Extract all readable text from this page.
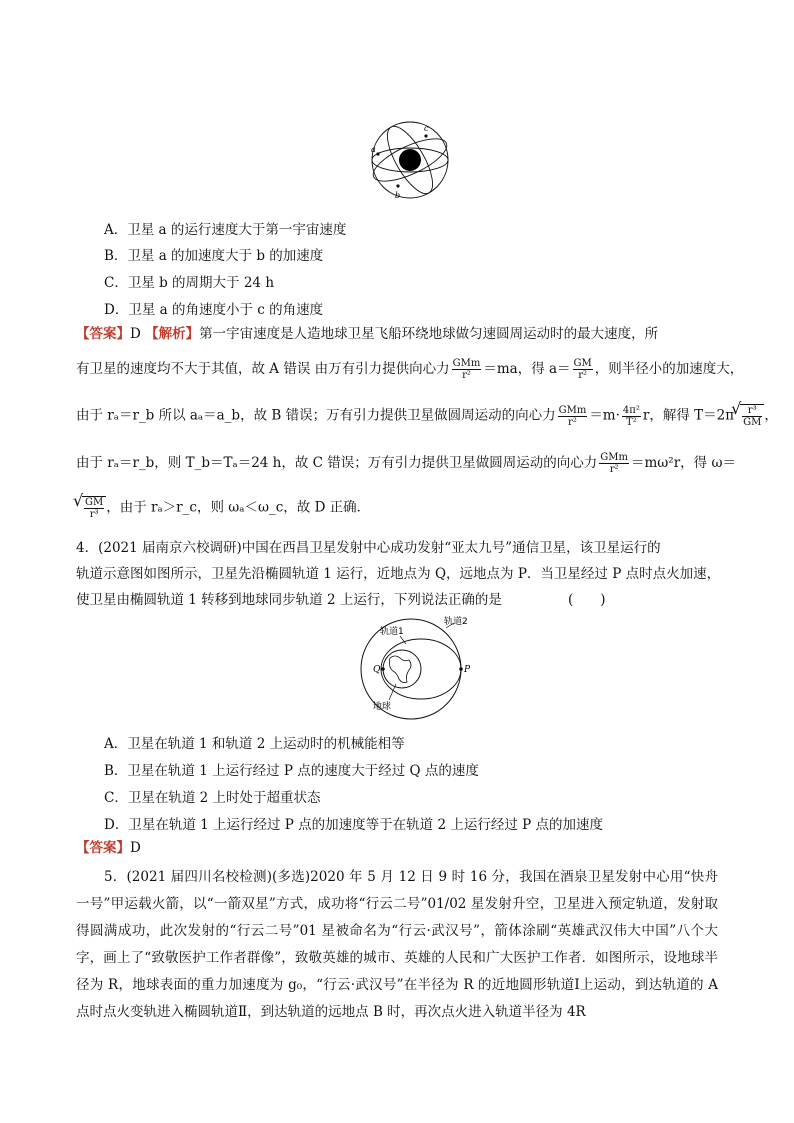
a
c
b
A．卫星 a 的运行速度大于第一宇宙速度
B．卫星 a 的加速度大于 b 的加速度
C．卫星 b 的周期大于 24 h
D．卫星 a 的角速度小于 c 的角速度
【答案】D 【解析】第一宇宙速度是人造地球卫星飞船环绕地球做匀速圆周运动时的最大速度，所
有卫星的速度均不大于其值，故 A 错误 由万有引力提供向心力 $\frac{\text{GMm}}{\text{r²}} =ma$，得 $a= \frac{GM}{\text{r²}}$ ，则半径小的加速度大，
由于 rₐ＝r_b 所以 aₐ＝a_b，故 B 错误；万有引力提供卫星做圆周运动的向心力 $\frac{\text{GMm}}{\text{r²}} =m\cdot \frac{\text{4π²}}{\text{T²}}$ r，解得 T＝2π
√ $\frac{\text{r³}}{GM}$ ，
由于 rₐ＝r_b，则 T_b＝Tₐ＝24 h，故 C 错误；万有引力提供卫星做圆周运动的向心力 $\frac{\text{GMm}}{\text{r²}} =m\omega^2r$，得 ω＝
√ $\frac{GM}{\text{r³}}$ ，由于 rₐ＞r_c，则 ωₐ＜ω_c，故 D 正确．
4．(2021 届南京六校调研)中国在西昌卫星发射中心成功发射“亚太九号”通信卫星，该卫星运行的
轨道示意图如图所示，卫星先沿椭圆轨道 1 运行，近地点为 Q，远地点为 P．当卫星经过 P 点时点火加速，
使卫星由椭圆轨道 1 转移到地球同步轨道 2 上运行，下列说法正确的是	(　　)
轨道1
轨道2
地球
Q	P
A．卫星在轨道 1 和轨道 2 上运动时的机械能相等
B．卫星在轨道 1 上运行经过 P 点的速度大于经过 Q 点的速度
C．卫星在轨道 2 上时处于超重状态
D．卫星在轨道 1 上运行经过 P 点的加速度等于在轨道 2 上运行经过 P 点的加速度
【答案】D
5．(2021 届四川名校检测)(多选)2020 年 5 月 12 日 9 时 16 分，我国在酒泉卫星发射中心用“快舟一号”甲运载火箭，以“一箭双星”方式，成功将“行云二号”01/02 星发射升空，卫星进入预定轨道，发射取得圆满成功，此次发射的“行云二号”01 星被命名为“行云·武汉号”，箭体涂刷“英雄武汉伟大中国”八个大字，画上了“致敬医护工作者群像”，致敬英雄的城市、英雄的人民和广大医护工作者．如图所示，设地球半径为 R，地球表面的重力加速度为 g₀，“行云·武汉号”在半径为 R 的近地圆形轨道Ⅰ上运动，到达轨道的 A 点时点火变轨进入椭圆轨道Ⅱ，到达轨道的远地点 B 时，再次点火进入轨道半径为 4R
